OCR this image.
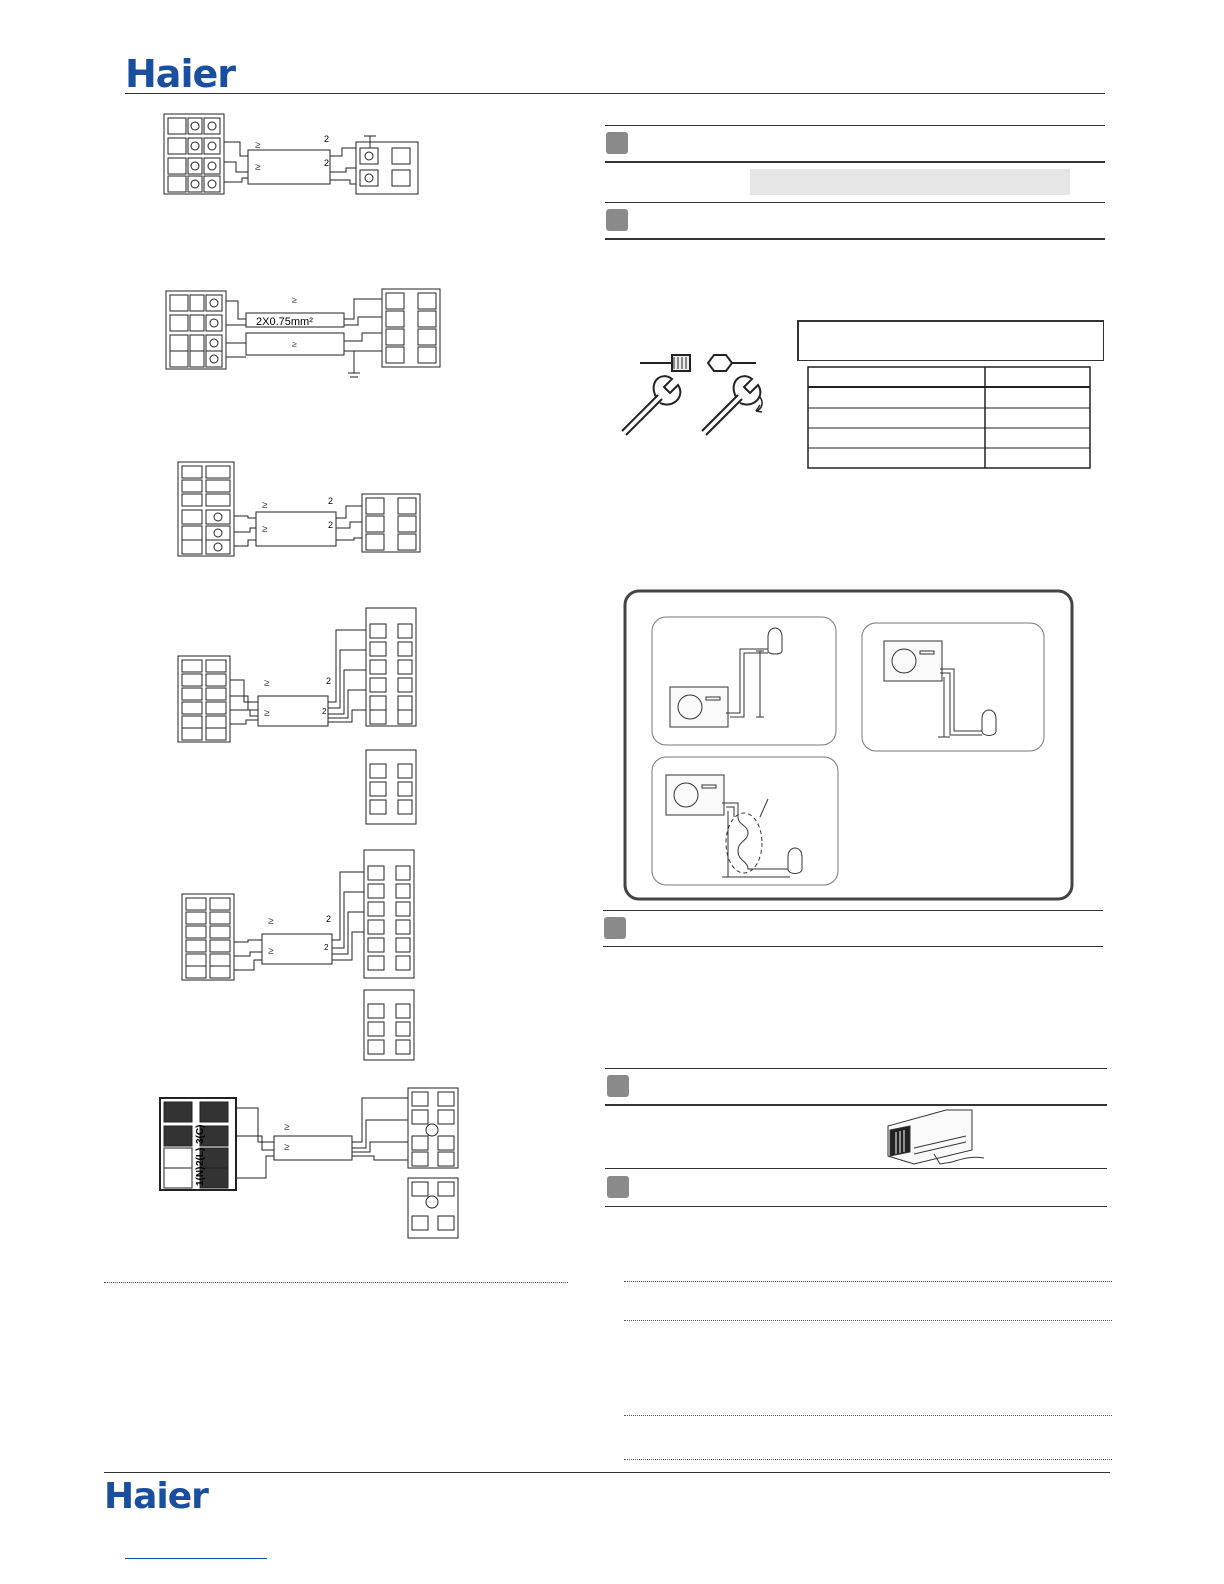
Haier
≥
≥
2
2
≥
2X0.75mm²
≥
≥
≥
2
2
≥
≥
2
2
≥
≥
2
2
≥
≥
3(C)
2(L)
1(N)
Haier
